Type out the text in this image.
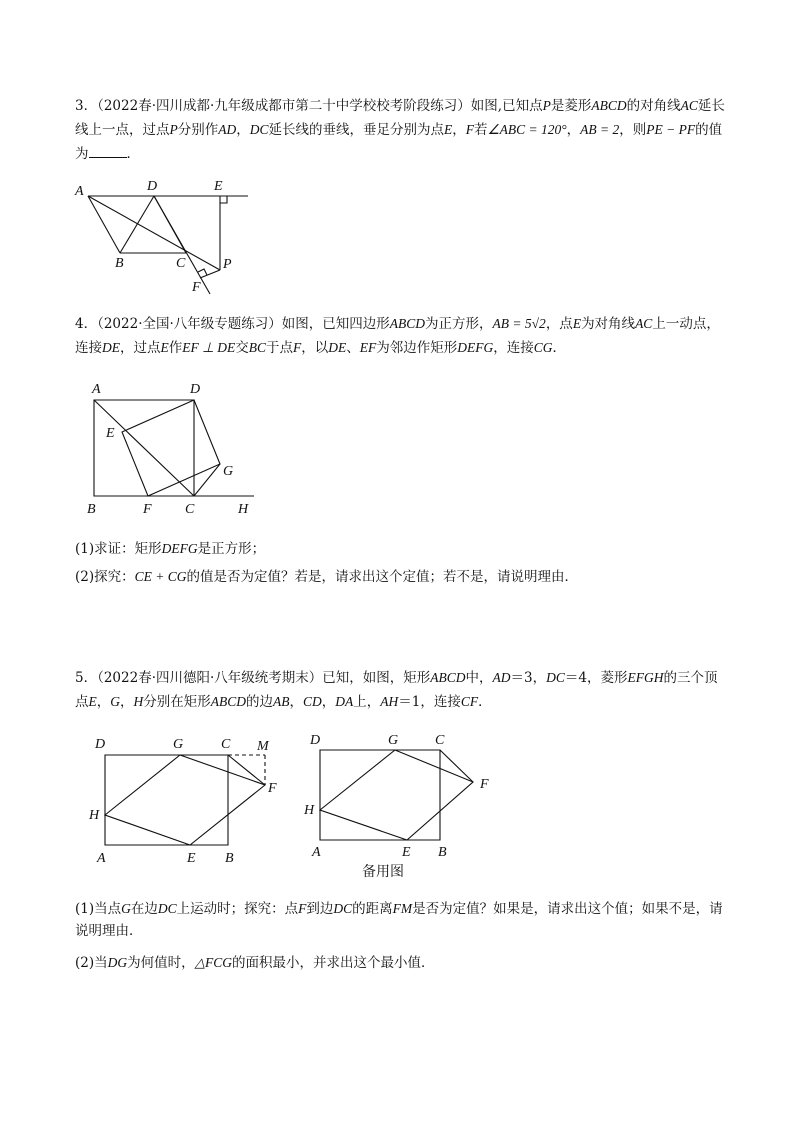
3．（2022春·四川成都·九年级成都市第二十中学校校考阶段练习）如图,已知点P是菱形ABCD的对角线AC延长线上一点，过点P分别作AD，DC延长线的垂线，垂足分别为点E，F若∠ABC = 120°，AB = 2，则PE − PF的值为	．

A	D	E
B	C	P
F

4．（2022·全国·八年级专题练习）如图，已知四边形ABCD为正方形，AB = 5√2，点E为对角线AC上一动点，连接DE，过点E作EF ⊥ DE交BC于点F，以DE、EF为邻边作矩形DEFG，连接CG．

A	D
E
G
B	F C	H

(1)求证：矩形DEFG是正方形；

(2)探究：CE + CG的值是否为定值？若是，请求出这个定值；若不是，请说明理由．

5．（2022春·四川德阳·八年级统考期末）已知，如图，矩形ABCD中，AD＝3，DC＝4，菱形EFGH的三个顶点E，G，H分别在矩形ABCD的边AB，CD，DA上，AH＝1，连接CF．

D	G	C M
H
F
A	E B
D	G	C
H
F
A	E B
备用图

(1)当点G在边DC上运动时；探究：点F到边DC的距离FM是否为定值？如果是，请求出这个值；如果不是，请说明理由．

(2)当DG为何值时，△FCG的面积最小，并求出这个最小值．
